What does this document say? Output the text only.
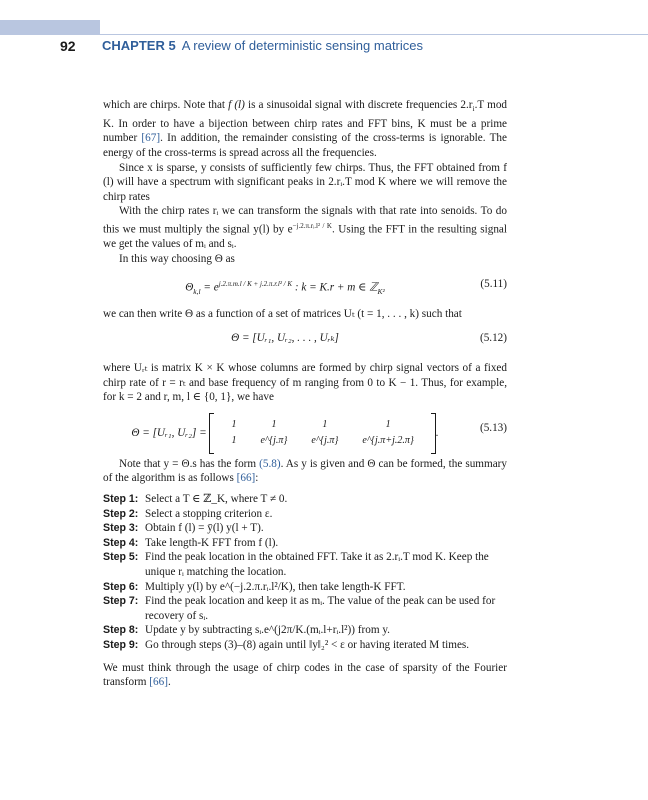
92 CHAPTER 5 A review of deterministic sensing matrices

which are chirps. Note that f (l) is a sinusoidal signal with discrete frequencies $2.r_i.T$ mod K. In order to have a bijection between chirp rates and FFT bins, K must be a prime number [67]. In addition, the remainder consisting of the cross-terms is ignorable. The energy of the cross-terms is spread across all the frequencies.

Since x is sparse, y consists of sufficiently few chirps. Thus, the FFT obtained from f (l) will have a spectrum with significant peaks in 2.rᵢ.T mod K where we will remove the chirp rates

With the chirp rates rᵢ we can transform the signals with that rate into senoids. To do this we must multiply the signal y(l) by $e^{-j.2.\pi.rᵢ.l^2 / K}$. Using the FFT in the resulting signal we get the values of mᵢ and sᵢ.

In this way choosing Θ as

$\Theta_{k,l} = e^{j.2.\pi.m.l / K + j.2.\pi.r.l^2 / K}$ : k = K.r + m ∈ ℤ$_{K^2}$
(5.11)

we can then write Θ as a function of a set of matrices Uₜ (t = 1, . . . , k) such that

Θ = [Uᵣ₁, Uᵣ₂, . . . , Uᵣₖ]	(5.12)

where Uᵣₜ is matrix K × K whose columns are formed by chirp signal vectors of a fixed chirp rate of r = rₜ and base frequency of m ranging from 0 to K − 1. Thus, for example, for k = 2 and r, m, l ∈ {0, 1}, we have

Θ = [Uᵣ₁, Uᵣ₂] =
1	1	1	1
1	e^{j.π}	e^{j.π}	e^{j.π+j.2.π}
.	(5.13)

Note that y = Θ.s has the form (5.8). As y is given and Θ can be formed, the summary of the algorithm is as follows [66]:

Step 1: Select a T ∈ ℤ_K, where T ≠ 0.
Step 2: Select a stopping criterion ε.
Step 3: Obtain f (l) = ȳ(l) y(l + T).
Step 4: Take length-K FFT from f (l).
Step 5: Find the peak location in the obtained FFT. Take it as 2.rᵢ.T mod K. Keep the unique rᵢ matching the location.
Step 6: Multiply y(l) by e^(−j.2.π.rᵢ.l²/K), then take length-K FFT.
Step 7: Find the peak location and keep it as mᵢ. The value of the peak can be used for recovery of sᵢ.
Step 8: Update y by subtracting sᵢ.e^(j2π/K.(mᵢ.l+rᵢ.l²)) from y.
Step 9: Go through steps (3)–(8) again until ‖y‖₂² < ε or having iterated M times.

We must think through the usage of chirp codes in the case of sparsity of the Fourier transform [66].
